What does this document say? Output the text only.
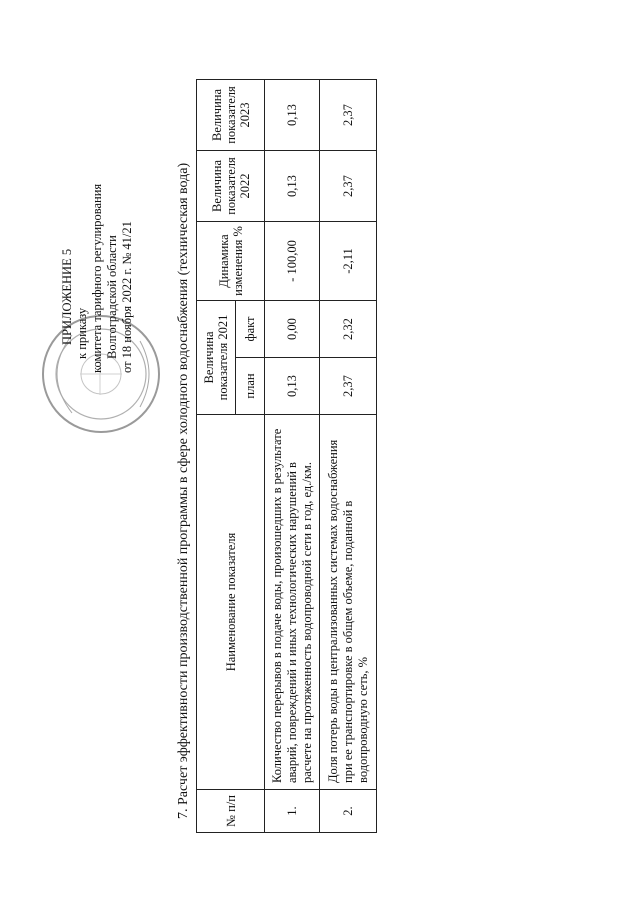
ПРИЛОЖЕНИЕ 5 к приказу комитета тарифного регулирования Волгоградской области от 18 ноября 2022 г. № 41/21	7. Расчет эффективности производственной программы в сфере холодного водоснабжения (техническая вода)	№ п/п	Наименование показателя	Величина показателя 2021		Динамика изменения %	Величина показателя 2022	Величина показателя 2023
		план	факт			
1.	Количество перерывов в подаче воды, произошедших в результате аварий, повреждений и иных технологических нарушений в расчете на протяженность водопроводной сети в год, ед./км.	0,13	0,00	- 100,00	0,13	0,13
2.	Доля потерь воды в централизованных системах водоснабжения при ее транспортировке в общем объеме, поданной в водопроводную сеть, %	2,37	2,32	-2,11	2,37	2,37
